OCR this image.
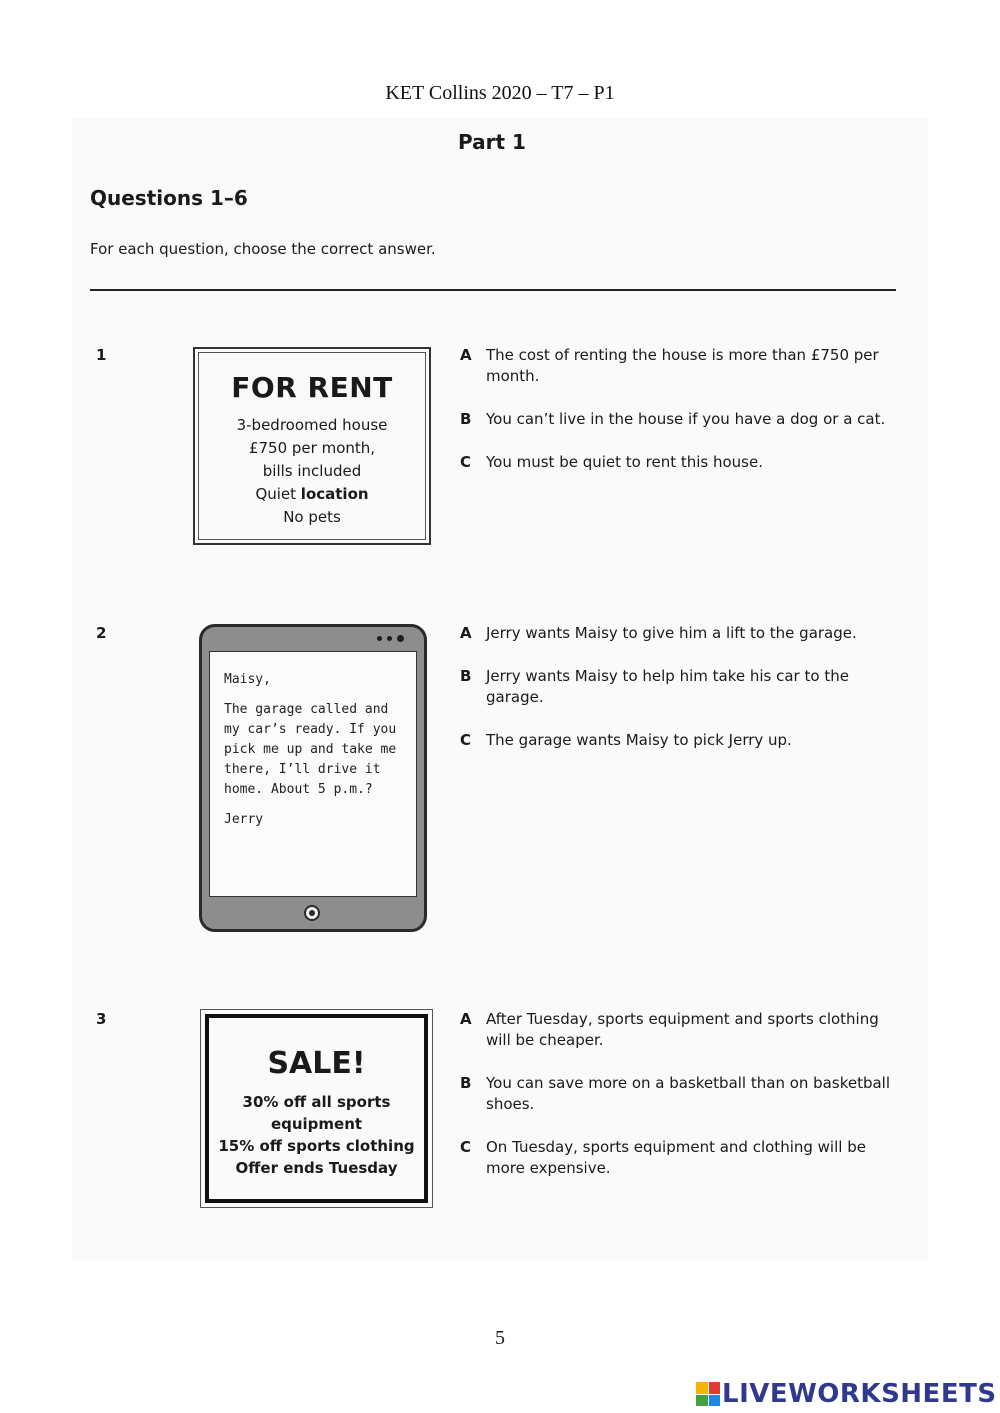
KET Collins 2020 – T7 – P1
Part 1
Questions 1–6
For each question, choose the correct answer.
1
FOR RENT
3-bedroomed house
£750 per month,
bills included
Quiet location
No pets
A The cost of renting the house is more than £750 per month.
B You can’t live in the house if you have a dog or a cat.
C You must be quiet to rent this house.
2
Maisy,
The garage called and my car’s ready. If you pick me up and take me there, I’ll drive it home. About 5 p.m.?
Jerry
A Jerry wants Maisy to give him a lift to the garage.
B Jerry wants Maisy to help him take his car to the garage.
C The garage wants Maisy to pick Jerry up.
3
SALE!
30% off all sports equipment
15% off sports clothing
Offer ends Tuesday
A After Tuesday, sports equipment and sports clothing will be cheaper.
B You can save more on a basketball than on basketball shoes.
C On Tuesday, sports equipment and clothing will be more expensive.
5
LIVEWORKSHEETS
